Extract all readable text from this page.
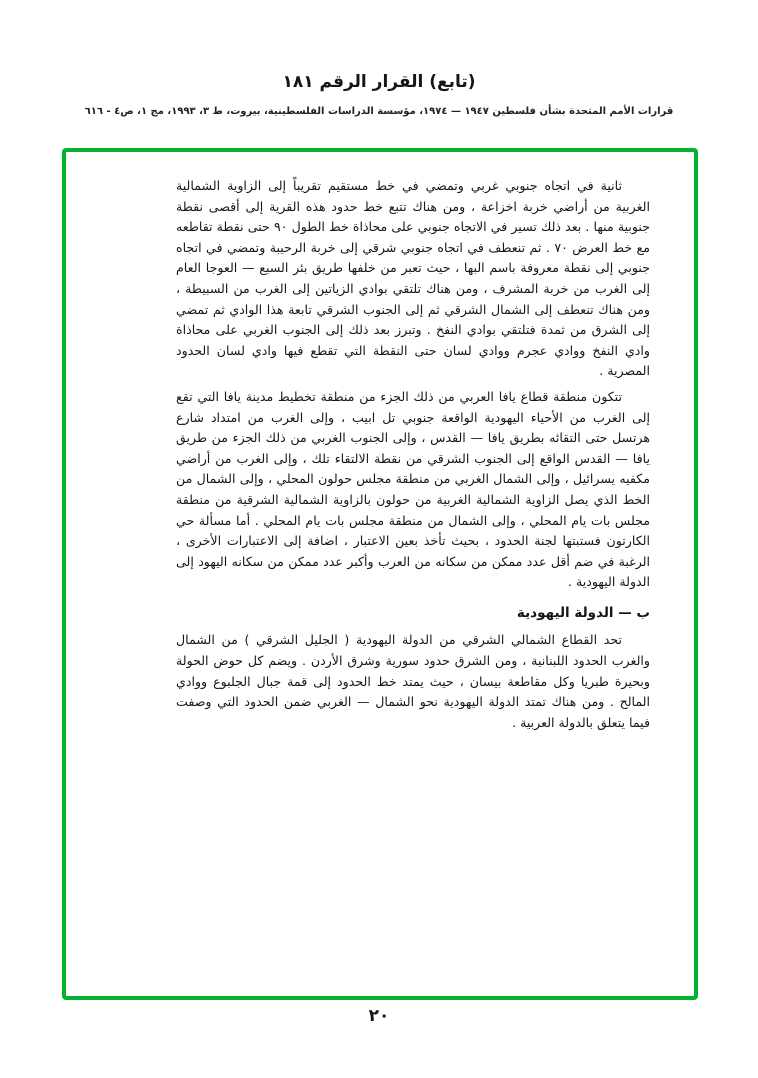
(تابع) القرار الرقم ١٨١
قرارات الأمم المتحدة بشأن فلسطين ١٩٤٧ — ١٩٧٤، مؤسسة الدراسات الفلسطينية، بيروت، ط ٣، ١٩٩٣، مج ١، ص٤ - ٦١٦

ثانية في اتجاه جنوبي غربي وتمضي في خط مستقيم تقريباً إلى الزاوية الشمالية الغربية من أراضي خربة اخزاعة ، ومن هناك تتبع خط حدود هذه القرية إلى أقصى نقطة جنوبية منها . بعد ذلك تسير في الاتجاه جنوبي على محاذاة خط الطول ٩٠ حتى نقطة تقاطعه مع خط العرض ٧٠ . ثم تنعطف في اتجاه جنوبي شرقي إلى خربة الرحيبة وتمضي في اتجاه جنوبي إلى نقطة معروفة باسم البها ، حيث تعبر من خلفها طريق بئر السبع — العوجا العام إلى الغرب من خربة المشرف ، ومن هناك تلتقي بوادي الزياتين إلى الغرب من السبيطة ، ومن هناك تنعطف إلى الشمال الشرقي ثم إلى الجنوب الشرقي تابعة هذا الوادي ثم تمضي إلى الشرق من ثمدة فتلتقي بوادي النفخ . وتبرز بعد ذلك إلى الجنوب الغربي على محاذاة وادي النفخ ووادي عجرم ووادي لسان حتى النقطة التي تقطع فيها وادي لسان الحدود المصرية .

تتكون منطقة قطاع يافا العربي من ذلك الجزء من منطقة تخطيط مدينة يافا التي تقع إلى الغرب من الأحياء اليهودية الواقعة جنوبي تل ابيب ، وإلى الغرب من امتداد شارع هرتسل حتى التقائه بطريق يافا — القدس ، وإلى الجنوب الغربي من ذلك الجزء من طريق يافا — القدس الواقع إلى الجنوب الشرقي من نقطة الالتقاء تلك ، وإلى الغرب من أراضي مكفيه يسرائيل ، وإلى الشمال الغربي من منطقة مجلس حولون المحلي ، وإلى الشمال من الخط الذي يصل الزاوية الشمالية الغربية من حولون بالزاوية الشمالية الشرقية من منطقة مجلس بات يام المحلي ، وإلى الشمال من منطقة مجلس بات يام المحلي . أما مسألة حي الكارتون فستبتها لجنة الحدود ، بحيث تأخذ بعين الاعتبار ، اضافة إلى الاعتبارات الأخرى ، الرغبة في ضم أقل عدد ممكن من سكانه من العرب وأكبر عدد ممكن من سكانه اليهود إلى الدولة اليهودية .

ب — الدولة اليهودية

تحد القطاع الشمالي الشرقي من الدولة اليهودية ( الجليل الشرقي ) من الشمال والغرب الحدود اللبنانية ، ومن الشرق حدود سورية وشرق الأردن . ويضم كل حوض الحولة وبحيرة طبريا وكل مقاطعة بيسان ، حيث يمتد خط الحدود إلى قمة جبال الجلبوع ووادي المالح . ومن هناك تمتد الدولة اليهودية نحو الشمال — الغربي ضمن الحدود التي وصفت فيما يتعلق بالدولة العربية .

٢٠
